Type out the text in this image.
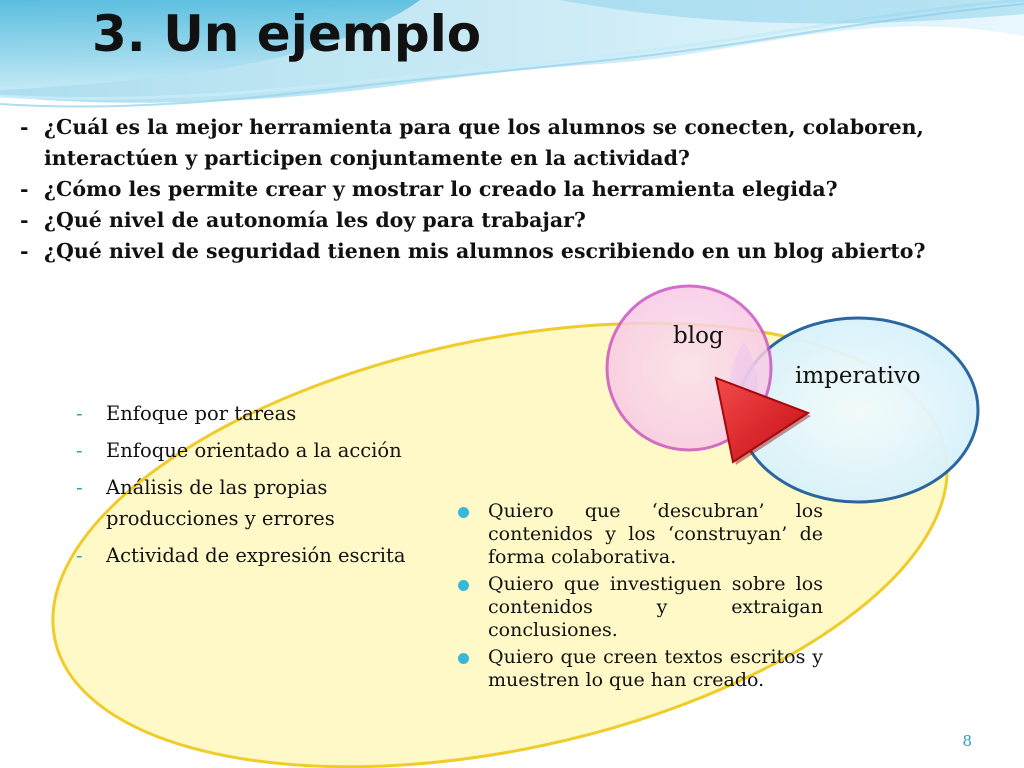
3. Un ejemplo
- ¿Cuál es la mejor herramienta para que los alumnos se conecten, colaboren, interactúen y participen conjuntamente en la actividad?
- ¿Cómo les permite crear y mostrar lo creado la herramienta elegida?
- ¿Qué nivel de autonomía les doy para trabajar?
- ¿Qué nivel de seguridad tienen mis alumnos escribiendo en un blog abierto?
blog
imperativo
- Enfoque por tareas
- Enfoque orientado a la acción
- Análisis de las propias producciones y errores
- Actividad de expresión escrita
Quiero que ‘descubran’ los contenidos y los ‘construyan’ de forma colaborativa.
Quiero que investiguen sobre los contenidos y extraigan conclusiones.
Quiero que creen textos escritos y muestren lo que han creado.
8
